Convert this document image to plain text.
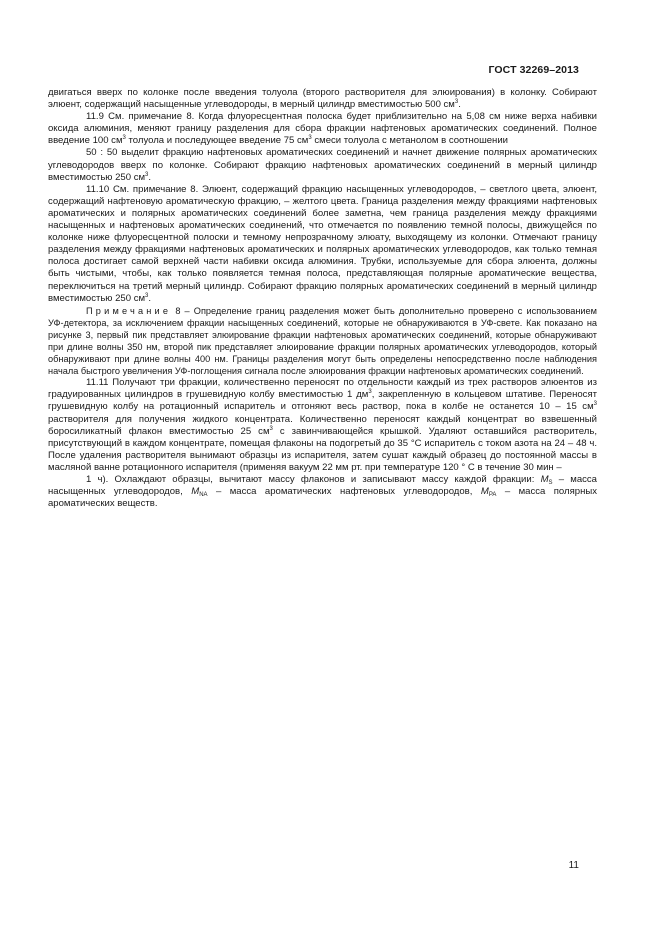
ГОСТ 32269–2013

двигаться вверх по колонке после введения толуола (второго растворителя для элюирования) в колонку. Собирают элюент, содержащий насыщенные углеводороды, в мерный цилиндр вместимостью 500 $см^3$.

11.9 См. примечание 8. Когда флуоресцентная полоска будет приблизительно на 5,08 см ниже верха набивки оксида алюминия, меняют границу разделения для сбора фракции нафтеновых ароматических соединений. Полное введение 100 $см^3$ толуола и последующее введение 75 $см^3$ смеси толуола с метанолом в соотношении

50 : 50 выделит фракцию нафтеновых ароматических соединений и начнет движение полярных ароматических углеводородов вверх по колонке. Собирают фракцию нафтеновых ароматических соединений в мерный цилиндр вместимостью 250 $см^3$.

11.10 См. примечание 8. Элюент, содержащий фракцию насыщенных углеводородов, – светлого цвета, элюент, содержащий нафтеновую ароматическую фракцию, – желтого цвета. Граница разделения между фракциями нафтеновых ароматических и полярных ароматических соединений более заметна, чем граница разделения между фракциями насыщенных и нафтеновых ароматических соединений, что отмечается по появлению темной полосы, движущейся по колонке ниже флуоресцентной полоски и темному непрозрачному элюату, выходящему из колонки. Отмечают границу разделения между фракциями нафтеновых ароматических и полярных ароматических углеводородов, как только темная полоса достигает самой верхней части набивки оксида алюминия. Трубки, используемые для сбора элюента, должны быть чистыми, чтобы, как только появляется темная полоса, представляющая полярные ароматические вещества, переключиться на третий мерный цилиндр. Собирают фракцию полярных ароматических соединений в мерный цилиндр вместимостью 250 $см^3$.

Примечание 8 – Определение границ разделения может быть дополнительно проверено с использованием УФ-детектора, за исключением фракции насыщенных соединений, которые не обнаруживаются в УФ-свете. Как показано на рисунке 3, первый пик представляет элюирование фракции нафтеновых ароматических соединений, которые обнаруживают при длине волны 350 нм, второй пик представляет элюирование фракции полярных ароматических углеводородов, который обнаруживают при длине волны 400 нм. Границы разделения могут быть определены непосредственно после наблюдения начала быстрого увеличения УФ-поглощения сигнала после элюирования фракции нафтеновых ароматических соединений.

11.11 Получают три фракции, количественно переносят по отдельности каждый из трех растворов элюентов из градуированных цилиндров в грушевидную колбу вместимостью 1 $дм^3$, закрепленную в кольцевом штативе. Переносят грушевидную колбу на ротационный испаритель и отгоняют весь раствор, пока в колбе не останется 10 – 15 $см^3$ растворителя для получения жидкого концентрата. Количественно переносят каждый концентрат во взвешенный боросиликатный флакон вместимостью 25 $см^3$ с завинчивающейся крышкой. Удаляют оставшийся растворитель, присутствующий в каждом концентрате, помещая флаконы на подогретый до 35 °С испаритель с током азота на 24 – 48 ч. После удаления растворителя вынимают образцы из испарителя, затем сушат каждый образец до постоянной массы в масляной ванне ротационного испарителя (применяя вакуум 22 мм рт. при температуре 120 ° С в течение 30 мин –

1 ч). Охлаждают образцы, вычитают массу флаконов и записывают массу каждой фракции: $M_S$ – масса насыщенных углеводородов, $M_{NA}$ – масса ароматических нафтеновых углеводородов, $M_{PA}$ – масса полярных ароматических веществ.

11
